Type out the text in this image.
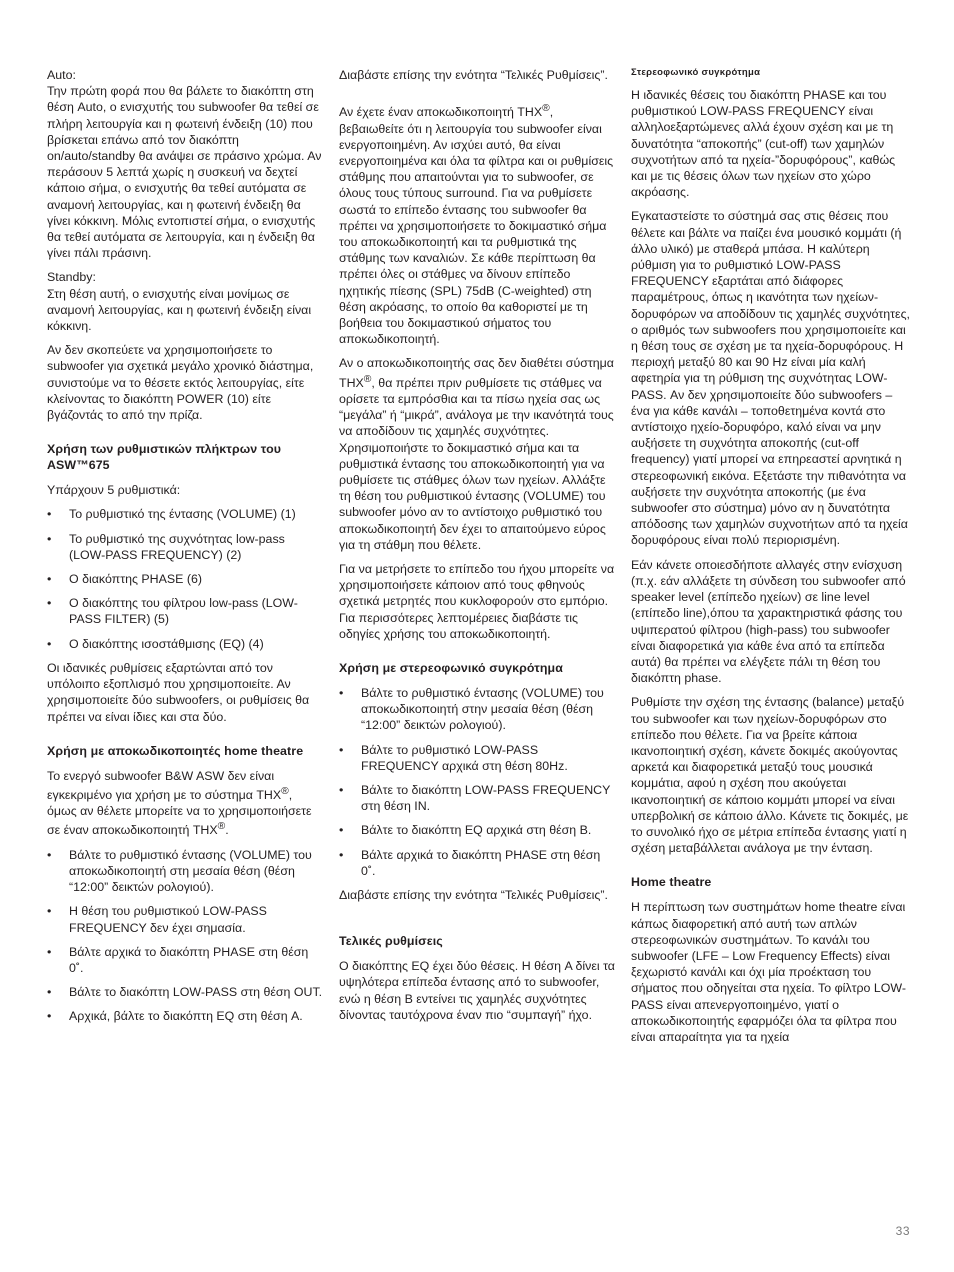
Auto:
Την πρώτη φορά που θα βάλετε το διακόπτη στη θέση Auto, ο ενισχυτής του subwoofer θα τεθεί σε πλήρη λειτουργία και η φωτεινή ένδειξη (10) που βρίσκεται επάνω από τον διακόπτη on/auto/standby θα ανάψει σε πράσινο χρώμα. Αν περάσουν 5 λεπτά χωρίς η συσκευή να δεχτεί κάποιο σήμα, ο ενισχυτής θα τεθεί αυτόματα σε αναμονή λειτουργίας, και η φωτεινή ένδειξη θα γίνει κόκκινη. Μόλις εντοπιστεί σήμα, ο ενισχυτής θα τεθεί αυτόματα σε λειτουργία, και η ένδειξη θα γίνει πάλι πράσινη.

Standby:
Στη θέση αυτή, ο ενισχυτής είναι μονίμως σε αναμονή λειτουργίας, και η φωτεινή ένδειξη είναι κόκκινη.

Αν δεν σκοπεύετε να χρησιμοποιήσετε το subwoofer για σχετικά μεγάλο χρονικό διάστημα, συνιστούμε να το θέσετε εκτός λειτουργίας, είτε κλείνοντας το διακόπτη POWER (10) είτε βγάζοντάς το από την πρίζα.

Χρήση των ρυθμιστικών πλήκτρων του ASW™675

Υπάρχουν 5 ρυθμιστικά:

• Το ρυθμιστικό της έντασης (VOLUME) (1)
• Το ρυθμιστικό της συχνότητας low-pass (LOW-PASS FREQUENCY) (2)
• Ο διακόπτης PHASE (6)
• Ο διακόπτης του φίλτρου low-pass (LOW-PASS FILTER) (5)
• Ο διακόπτης ισοστάθμισης (EQ) (4)

Οι ιδανικές ρυθμίσεις εξαρτώνται από τον υπόλοιπο εξοπλισμό που χρησιμοποιείτε. Αν χρησιμοποιείτε δύο subwoofers, οι ρυθμίσεις θα πρέπει να είναι ίδιες και στα δύο.

Χρήση με αποκωδικοποιητές home theatre

Το ενεργό subwoofer B&W ASW δεν είναι εγκεκριμένο για χρήση με το σύστημα THX®, όμως αν θέλετε μπορείτε να το χρησιμοποιήσετε σε έναν αποκωδικοποιητή THX®.

• Βάλτε το ρυθμιστικό έντασης (VOLUME) του αποκωδικοποιητή στη μεσαία θέση (θέση “12:00” δεικτών ρολογιού).
• Η θέση του ρυθμιστικού LOW-PASS FREQUENCY δεν έχει σημασία.
• Βάλτε αρχικά το διακόπτη PHASE στη θέση 0˚.
• Βάλτε το διακόπτη LOW-PASS στη θέση OUT.
• Αρχικά, βάλτε το διακόπτη EQ στη θέση A.

Διαβάστε επίσης την ενότητα “Τελικές Ρυθμίσεις”.

Αν έχετε έναν αποκωδικοποιητή THX®, βεβαιωθείτε ότι η λειτουργία του subwoofer είναι ενεργοποιημένη. Αν ισχύει αυτό, θα είναι ενεργοποιημένα και όλα τα φίλτρα και οι ρυθμίσεις στάθμης που απαιτούνται για το subwoofer, σε όλους τους τύπους surround. Για να ρυθμίσετε σωστά το επίπεδο έντασης του subwoofer θα πρέπει να χρησιμοποιήσετε το δοκιμαστικό σήμα του αποκωδικοποιητή και τα ρυθμιστικά της στάθμης των καναλιών. Σε κάθε περίπτωση θα πρέπει όλες οι στάθμες να δίνουν επίπεδο ηχητικής πίεσης (SPL) 75dB (C-weighted) στη θέση ακρόασης, το οποίο θα καθοριστεί με τη βοήθεια του δοκιμαστικού σήματος του αποκωδικοποιητή.

Αν ο αποκωδικοποιητής σας δεν διαθέτει σύστημα THX®, θα πρέπει πριν ρυθμίσετε τις στάθμες να ορίσετε τα εμπρόσθια και τα πίσω ηχεία σας ως “μεγάλα” ή “μικρά”, ανάλογα με την ικανότητά τους να αποδίδουν τις χαμηλές συχνότητες. Χρησιμοποιήστε το δοκιμαστικό σήμα και τα ρυθμιστικά έντασης του αποκωδικοποιητή για να ρυθμίσετε τις στάθμες όλων των ηχείων. Αλλάξτε τη θέση του ρυθμιστικού έντασης (VOLUME) του subwoofer μόνο αν το αντίστοιχο ρυθμιστικό του αποκωδικοποιητή δεν έχει το απαιτούμενο εύρος για τη στάθμη που θέλετε.

Για να μετρήσετε το επίπεδο του ήχου μπορείτε να χρησιμοποιήσετε κάποιον από τους φθηνούς σχετικά μετρητές που κυκλοφορούν στο εμπόριο. Για περισσότερες λεπτομέρειες διαβάστε τις οδηγίες χρήσης του αποκωδικοποιητή.

Χρήση με στερεοφωνικό συγκρότημα
• Βάλτε το ρυθμιστικό έντασης (VOLUME) του αποκωδικοποιητή στην μεσαία θέση (θέση “12:00” δεικτών ρολογιού).
• Βάλτε το ρυθμιστικό LOW-PASS FREQUENCY αρχικά στη θέση 80Hz.
• Βάλτε το διακόπτη LOW-PASS FREQUENCY στη θέση IN.
• Βάλτε το διακόπτη EQ αρχικά στη θέση B.
• Βάλτε αρχικά το διακόπτη PHASE στη θέση 0˚.

Διαβάστε επίσης την ενότητα “Τελικές Ρυθμίσεις”.

Τελικές ρυθμίσεις

Ο διακόπτης EQ έχει δύο θέσεις. Η θέση A δίνει τα υψηλότερα επίπεδα έντασης από το subwoofer, ενώ η θέση B εντείνει τις χαμηλές συχνότητες δίνοντας ταυτόχρονα έναν πιο “συμπαγή” ήχο.

Στερεοφωνικό συγκρότημα

Η ιδανικές θέσεις του διακόπτη PHASE και του ρυθμιστικού LOW-PASS FREQUENCY είναι αλληλοεξαρτώμενες αλλά έχουν σχέση και με τη δυνατότητα “αποκοπής” (cut-off) των χαμηλών συχνοτήτων από τα ηχεία-”δορυφόρους”, καθώς και με τις θέσεις όλων των ηχείων στο χώρο ακρόασης.

Εγκαταστείστε το σύστημά σας στις θέσεις που θέλετε και βάλτε να παίζει ένα μουσικό κομμάτι (ή άλλο υλικό) με σταθερά μπάσα. Η καλύτερη ρύθμιση για το ρυθμιστικό LOW-PASS FREQUENCY εξαρτάται από διάφορες παραμέτρους, όπως η ικανότητα των ηχείων-δορυφόρων να αποδίδουν τις χαμηλές συχνότητες, ο αριθμός των subwoofers που χρησιμοποιείτε και η θέση τους σε σχέση με τα ηχεία-δορυφόρους. Η περιοχή μεταξύ 80 και 90 Hz είναι μία καλή αφετηρία για τη ρύθμιση της συχνότητας LOW-PASS. Αν δεν χρησιμοποιείτε δύο subwoofers – ένα για κάθε κανάλι – τοποθετημένα κοντά στο αντίστοιχο ηχείο-δορυφόρο, καλό είναι να μην αυξήσετε τη συχνότητα αποκοπής (cut-off frequency) γιατί μπορεί να επηρεαστεί αρνητικά η στερεοφωνική εικόνα. Εξετάστε την πιθανότητα να αυξήσετε την συχνότητα αποκοπής (με ένα subwoofer στο σύστημα) μόνο αν η δυνατότητα απόδοσης των χαμηλών συχνοτήτων από τα ηχεία δορυφόρους είναι πολύ περιορισμένη.

Εάν κάνετε οποιεσδήποτε αλλαγές στην ενίσχυση (π.χ. εάν αλλάξετε τη σύνδεση του subwoofer από speaker level (επίπεδο ηχείων) σε line level (επίπεδο line),όπου τα χαρακτηριστικά φάσης του υψιπερατού φίλτρου (high-pass) του subwoofer είναι διαφορετικά για κάθε ένα από τα επίπεδα αυτά) θα πρέπει να ελέγξετε πάλι τη θέση του διακόπτη phase.

Ρυθμίστε την σχέση της έντασης (balance) μεταξύ του subwoofer και των ηχείων-δορυφόρων στο επίπεδο που θέλετε. Για να βρείτε κάποια ικανοποιητική σχέση, κάνετε δοκιμές ακούγοντας αρκετά και διαφορετικά μεταξύ τους μουσικά κομμάτια, αφού η σχέση που ακούγεται ικανοποιητική σε κάποιο κομμάτι μπορεί να είναι υπερβολική σε κάποιο άλλο. Κάνετε τις δοκιμές, με το συνολικό ήχο σε μέτρια επίπεδα έντασης γιατί η σχέση μεταβάλλεται ανάλογα με την ένταση.

Home theatre

Η περίπτωση των συστημάτων home theatre είναι κάπως διαφορετική από αυτή των απλών στερεοφωνικών συστημάτων. Το κανάλι του subwoofer (LFE – Low Frequency Effects) είναι ξεχωριστό κανάλι και όχι μία προέκταση του σήματος που οδηγείται στα ηχεία. Το φίλτρο LOW-PASS είναι απενεργοποιημένο, γιατί ο αποκωδικοποιητής εφαρμόζει όλα τα φίλτρα που είναι απαραίτητα για τα ηχεία

33
